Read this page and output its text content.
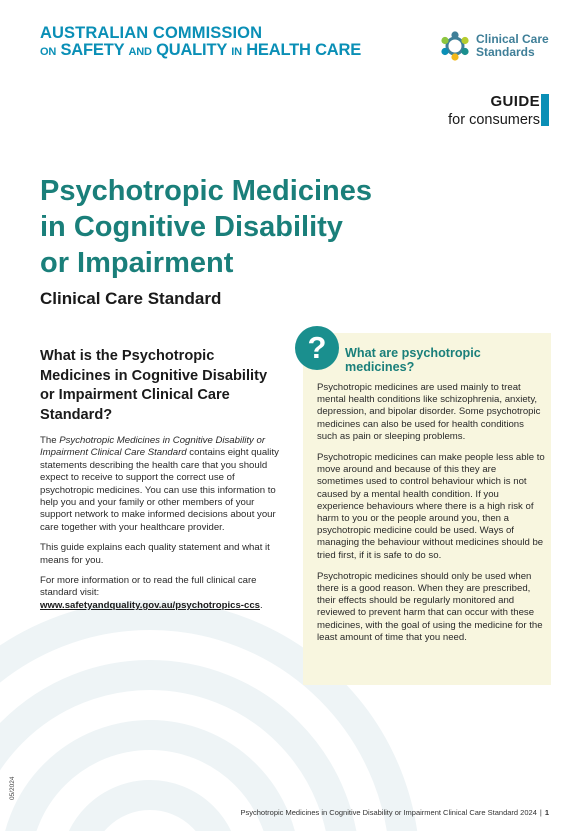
AUSTRALIAN COMMISSION
ON SAFETY AND QUALITY IN HEALTH CARE
Clinical Care
Standards
GUIDE
for consumers
Psychotropic Medicines
in Cognitive Disability
or Impairment
Clinical Care Standard
What is the Psychotropic Medicines in Cognitive Disability or Impairment Clinical Care Standard?

The Psychotropic Medicines in Cognitive Disability or Impairment Clinical Care Standard contains eight quality statements describing the health care that you should expect to receive to support the correct use of psychotropic medicines. You can use this information to help you and your family or other members of your support network to make informed decisions about your care together with your healthcare provider.

This guide explains each quality statement and what it means for you.

For more information or to read the full clinical care standard visit: www.safetyandquality.gov.au/psychotropics-ccs.

?	What are psychotropic medicines?

Psychotropic medicines are used mainly to treat mental health conditions like schizophrenia, anxiety, depression, and bipolar disorder. Some psychotropic medicines can also be used for health conditions such as pain or sleeping problems.

Psychotropic medicines can make people less able to move around and because of this they are sometimes used to control behaviour which is not caused by a mental health condition. If you experience behaviours where there is a high risk of harm to you or the people around you, then a psychotropic medicine could be used. Ways of managing the behaviour without medicines should be tried first, if it is safe to do so.

Psychotropic medicines should only be used when there is a good reason. When they are prescribed, their effects should be regularly monitored and reviewed to prevent harm that can occur with these medicines, with the goal of using the medicine for the least amount of time that you need.

05/2024
Psychotropic Medicines in Cognitive Disability or Impairment Clinical Care Standard 2024 | 1
